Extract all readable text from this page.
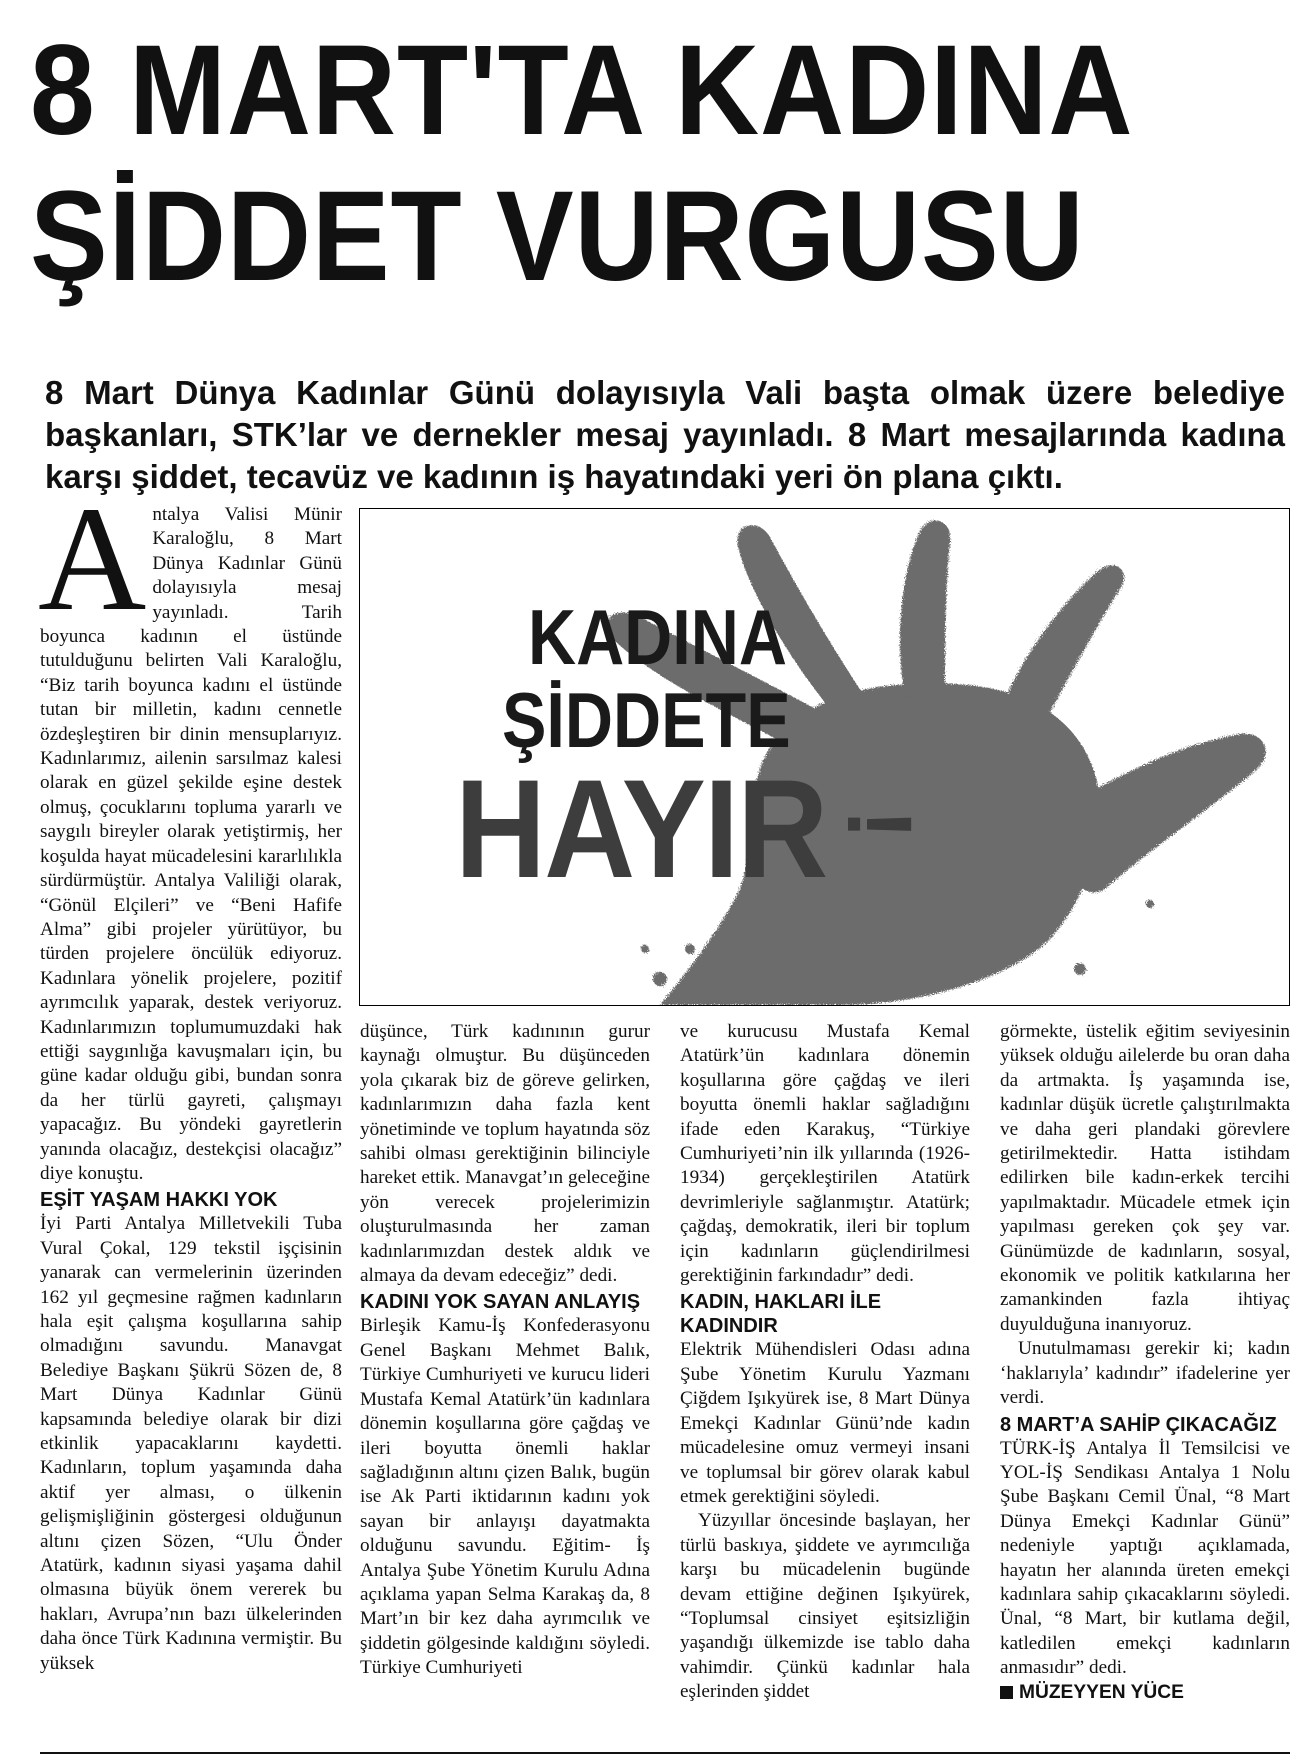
8 MART'TA KADINA
ŞİDDET VURGUSU
8 Mart Dünya Kadınlar Günü dolayısıyla Vali başta olmak üzere belediye başkanları, STK’lar ve dernekler mesaj yayınladı. 8 Mart mesajlarında kadına karşı şiddet, tecavüz ve kadının iş hayatındaki yeri ön plana çıktı.

A ntalya Valisi Münir Karaloğlu, 8 Mart Dünya Kadınlar Günü dolayısıyla mesaj yayınladı. Tarih boyunca kadının el üstünde tutulduğunu belirten Vali Karaloğlu, “Biz tarih boyunca kadını el üstünde tutan bir milletin, kadını cennetle özdeşleştiren bir dinin mensuplarıyız. Kadınlarımız, ailenin sarsılmaz kalesi olarak en güzel şekilde eşine destek olmuş, çocuklarını topluma yararlı ve saygılı bireyler olarak yetiştirmiş, her koşulda hayat mücadelesini kararlılıkla sürdürmüştür. Antalya Valiliği olarak, “Gönül Elçileri” ve “Beni Hafife Alma” gibi projeler yürütüyor, bu türden projelere öncülük ediyoruz. Kadınlara yönelik projelere, pozitif ayrımcılık yaparak, destek veriyoruz. Kadınlarımızın toplumumuzdaki hak ettiği saygınlığa kavuşmaları için, bu güne kadar olduğu gibi, bundan sonra da her türlü gayreti, çalışmayı yapacağız. Bu yöndeki gayretlerin yanında olacağız, destekçisi olacağız” diye konuştu.

EŞİT YAŞAM HAKKI YOK

İyi Parti Antalya Milletvekili Tuba Vural Çokal, 129 tekstil işçisinin yanarak can vermelerinin üzerinden 162 yıl geçmesine rağmen kadınların hala eşit çalışma koşullarına sahip olmadığını savundu. Manavgat Belediye Başkanı Şükrü Sözen de, 8 Mart Dünya Kadınlar Günü kapsamında belediye olarak bir dizi etkinlik yapacaklarını kaydetti. Kadınların, toplum yaşamında daha aktif yer alması, o ülkenin gelişmişliğinin göstergesi olduğunun altını çizen Sözen, “Ulu Önder Atatürk, kadının siyasi yaşama dahil olmasına büyük önem vererek bu hakları, Avrupa’nın bazı ülkelerinden daha önce Türk Kadınına vermiştir. Bu yüksek

KADINA
ŞİDDETE
HAYIR !

düşünce, Türk kadınının gurur kaynağı olmuştur. Bu düşünceden yola çıkarak biz de göreve gelirken, kadınlarımızın daha fazla kent yönetiminde ve toplum hayatında söz sahibi olması gerektiğinin bilinciyle hareket ettik. Manavgat’ın geleceğine yön verecek projelerimizin oluşturulmasında her zaman kadınlarımızdan destek aldık ve almaya da devam edeceğiz” dedi.

KADINI YOK SAYAN ANLAYIŞ

Birleşik Kamu-İş Konfederasyonu Genel Başkanı Mehmet Balık, Türkiye Cumhuriyeti ve kurucu lideri Mustafa Kemal Atatürk’ün kadınlara dönemin koşullarına göre çağdaş ve ileri boyutta önemli haklar sağladığının altını çizen Balık, bugün ise Ak Parti iktidarının kadını yok sayan bir anlayışı dayatmakta olduğunu savundu. Eğitim- İş Antalya Şube Yönetim Kurulu Adına açıklama yapan Selma Karakaş da, 8 Mart’ın bir kez daha ayrımcılık ve şiddetin gölgesinde kaldığını söyledi. Türkiye Cumhuriyeti

ve kurucusu Mustafa Kemal Atatürk’ün kadınlara dönemin koşullarına göre çağdaş ve ileri boyutta önemli haklar sağladığını ifade eden Karakuş, “Türkiye Cumhuriyeti’nin ilk yıllarında (1926- 1934) gerçekleştirilen Atatürk devrimleriyle sağlanmıştır. Atatürk; çağdaş, demokratik, ileri bir toplum için kadınların güçlendirilmesi gerektiğinin farkındadır” dedi.

KADIN, HAKLARI İLE KADINDIR

Elektrik Mühendisleri Odası adına Şube Yönetim Kurulu Yazmanı Çiğdem Işıkyürek ise, 8 Mart Dünya Emekçi Kadınlar Günü’nde kadın mücadelesine omuz vermeyi insani ve toplumsal bir görev olarak kabul etmek gerektiğini söyledi.

Yüzyıllar öncesinde başlayan, her türlü baskıya, şiddete ve ayrımcılığa karşı bu mücadelenin bugünde devam ettiğine değinen Işıkyürek, “Toplumsal cinsiyet eşitsizliğin yaşandığı ülkemizde ise tablo daha vahimdir. Çünkü kadınlar hala eşlerinden şiddet

görmekte, üstelik eğitim seviyesinin yüksek olduğu ailelerde bu oran daha da artmakta. İş yaşamında ise, kadınlar düşük ücretle çalıştırılmakta ve daha geri plandaki görevlere getirilmektedir. Hatta istihdam edilirken bile kadın-erkek tercihi yapılmaktadır. Mücadele etmek için yapılması gereken çok şey var. Günümüzde de kadınların, sosyal, ekonomik ve politik katkılarına her zamankinden fazla ihtiyaç duyulduğuna inanıyoruz.

Unutulmaması gerekir ki; kadın ‘haklarıyla’ kadındır” ifadelerine yer verdi.

8 MART’A SAHİP ÇIKACAĞIZ

TÜRK-İŞ Antalya İl Temsilcisi ve YOL-İŞ Sendikası Antalya 1 Nolu Şube Başkanı Cemil Ünal, “8 Mart Dünya Emekçi Kadınlar Günü” nedeniyle yaptığı açıklamada, hayatın her alanında üreten emekçi kadınlara sahip çıkacaklarını söyledi. Ünal, “8 Mart, bir kutlama değil, katledilen emekçi kadınların anmasıdır” dedi.

MÜZEYYEN YÜCE
